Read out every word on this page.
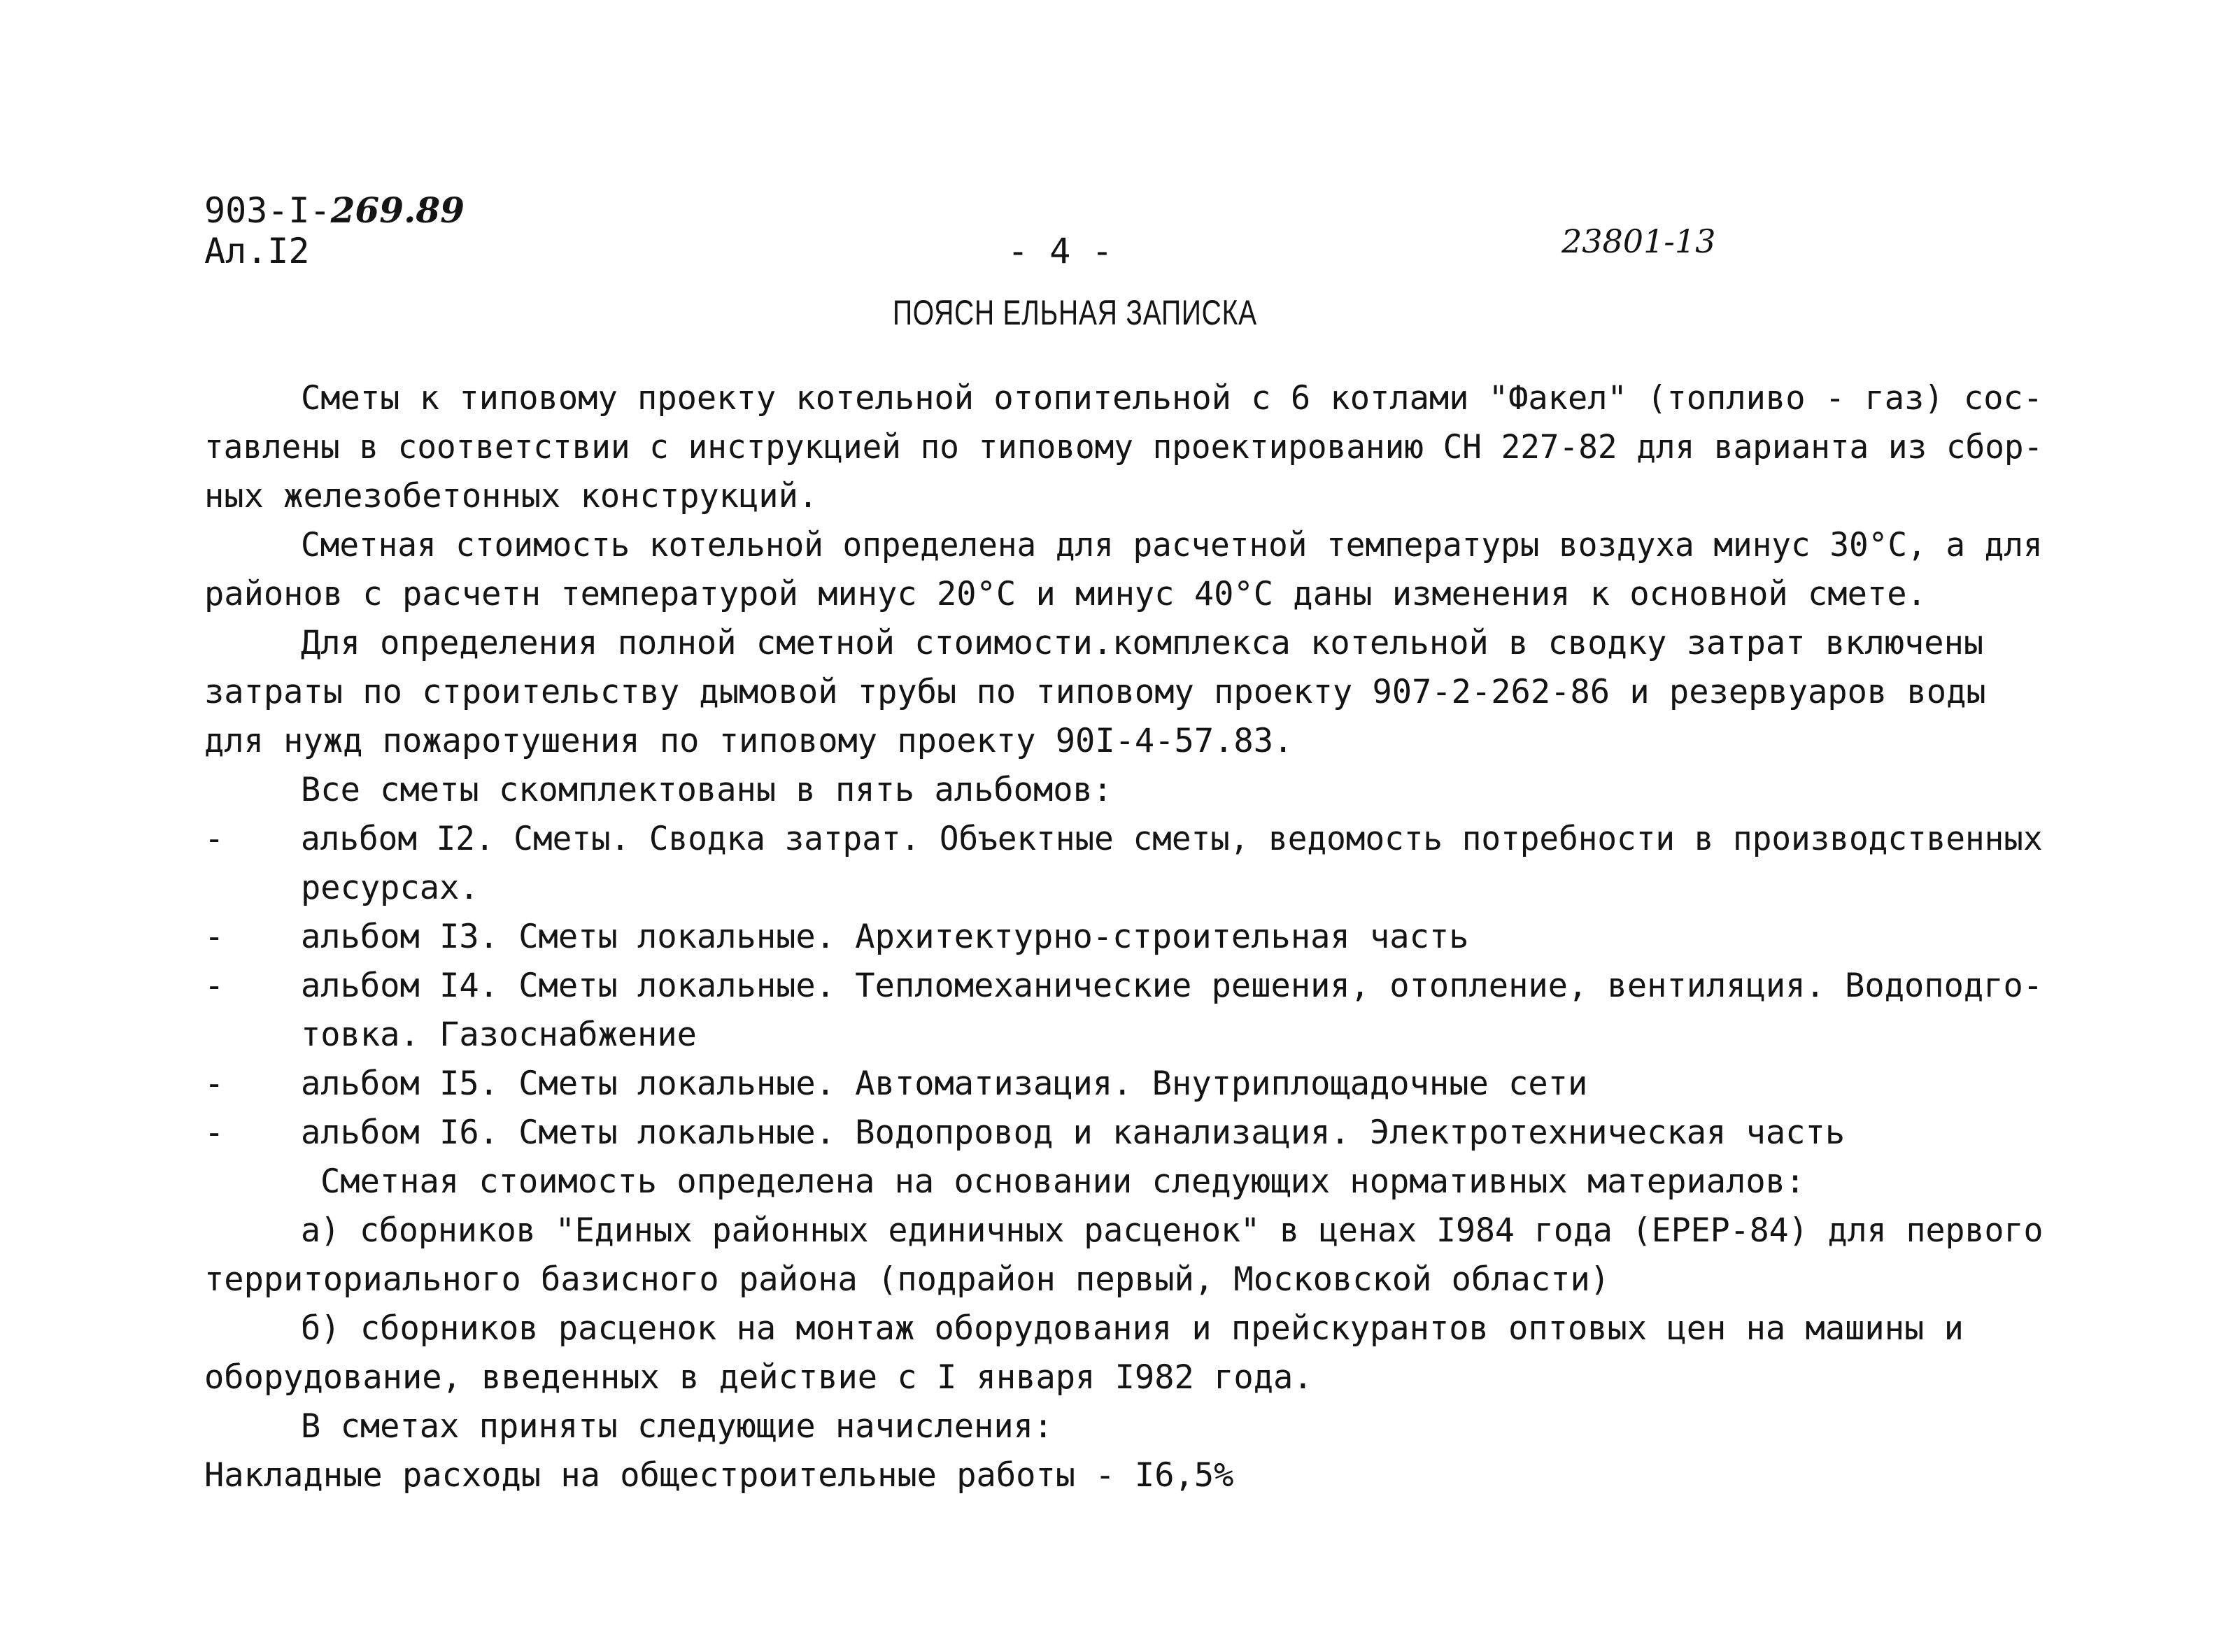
903-I-269.89
Ал.I2	- 4 -	23801-13
ПОЯСН ЕЛЬНАЯ ЗАПИСКА
Сметы к типовому проекту котельной отопительной с 6 котлами "Факел" (топливо - газ) сос-
тавлены в соответствии с инструкцией по типовому проектированию СН 227-82 для варианта из сбор-
ных железобетонных конструкций.
Сметная стоимость котельной определена для расчетной температуры воздуха минус 30°С, а для
районов с расчетн температурой минус 20°С и минус 40°С даны изменения к основной смете.
Для определения полной сметной стоимости.комплекса котельной в сводку затрат включены
затраты по строительству дымовой трубы по типовому проекту 907-2-262-86 и резервуаров воды
для нужд пожаротушения по типовому проекту 90I-4-57.83.
Все сметы скомплектованы в пять альбомов:
- альбом I2. Сметы. Сводка затрат. Объектные сметы, ведомость потребности в производственных
ресурсах.
- альбом I3. Сметы локальные. Архитектурно-строительная часть
- альбом I4. Сметы локальные. Тепломеханические решения, отопление, вентиляция. Водоподго-
товка. Газоснабжение
- альбом I5. Сметы локальные. Автоматизация. Внутриплощадочные сети
- альбом I6. Сметы локальные. Водопровод и канализация. Электротехническая часть
Сметная стоимость определена на основании следующих нормативных материалов:
а) сборников "Единых районных единичных расценок" в ценах I984 года (ЕРЕР-84) для первого
территориального базисного района (подрайон первый, Московской области)
б) сборников расценок на монтаж оборудования и прейскурантов оптовых цен на машины и
оборудование, введенных в действие с I января I982 года.
В сметах приняты следующие начисления:
Накладные расходы на общестроительные работы - I6,5%
